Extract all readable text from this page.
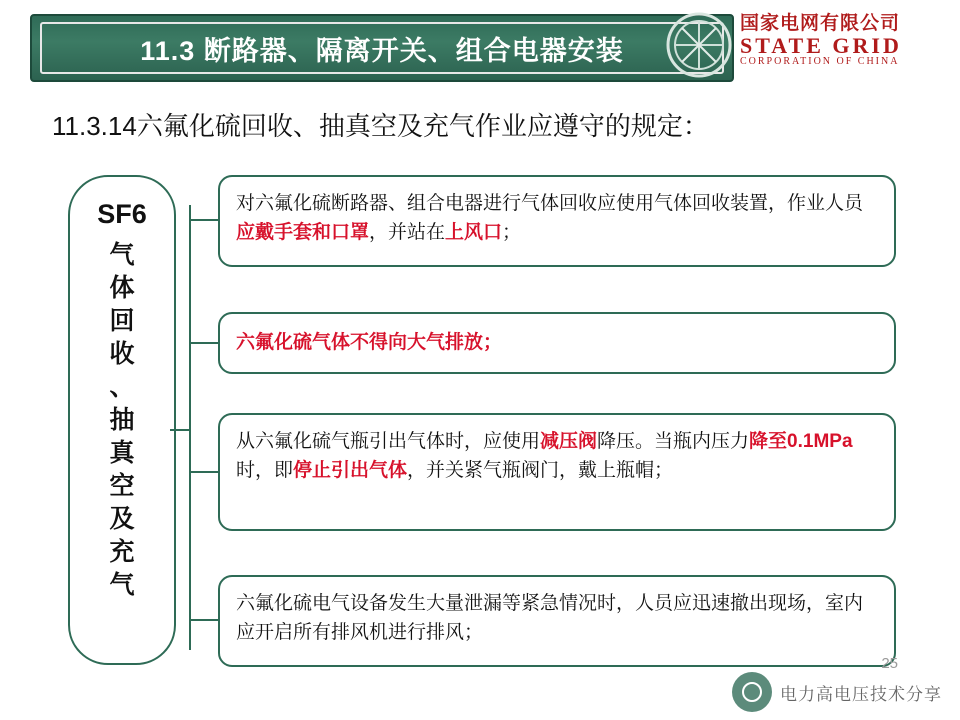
11.3 断路器、隔离开关、组合电器安装
国家电网有限公司
STATE GRID
CORPORATION OF CHINA
11.3.14六氟化硫回收、抽真空及充气作业应遵守的规定：
SF6
气
体
回
收
、
抽
真
空
及
充
气

对六氟化硫断路器、组合电器进行气体回收应使用气体回收装置，作业人员应戴手套和口罩，并站在上风口；

六氟化硫气体不得向大气排放；

从六氟化硫气瓶引出气体时，应使用减压阀降压。当瓶内压力降至0.1MPa时，即停止引出气体，并关紧气瓶阀门，戴上瓶帽；

六氟化硫电气设备发生大量泄漏等紧急情况时，人员应迅速撤出现场，室内应开启所有排风机进行排风；

25
电力高电压技术分享
